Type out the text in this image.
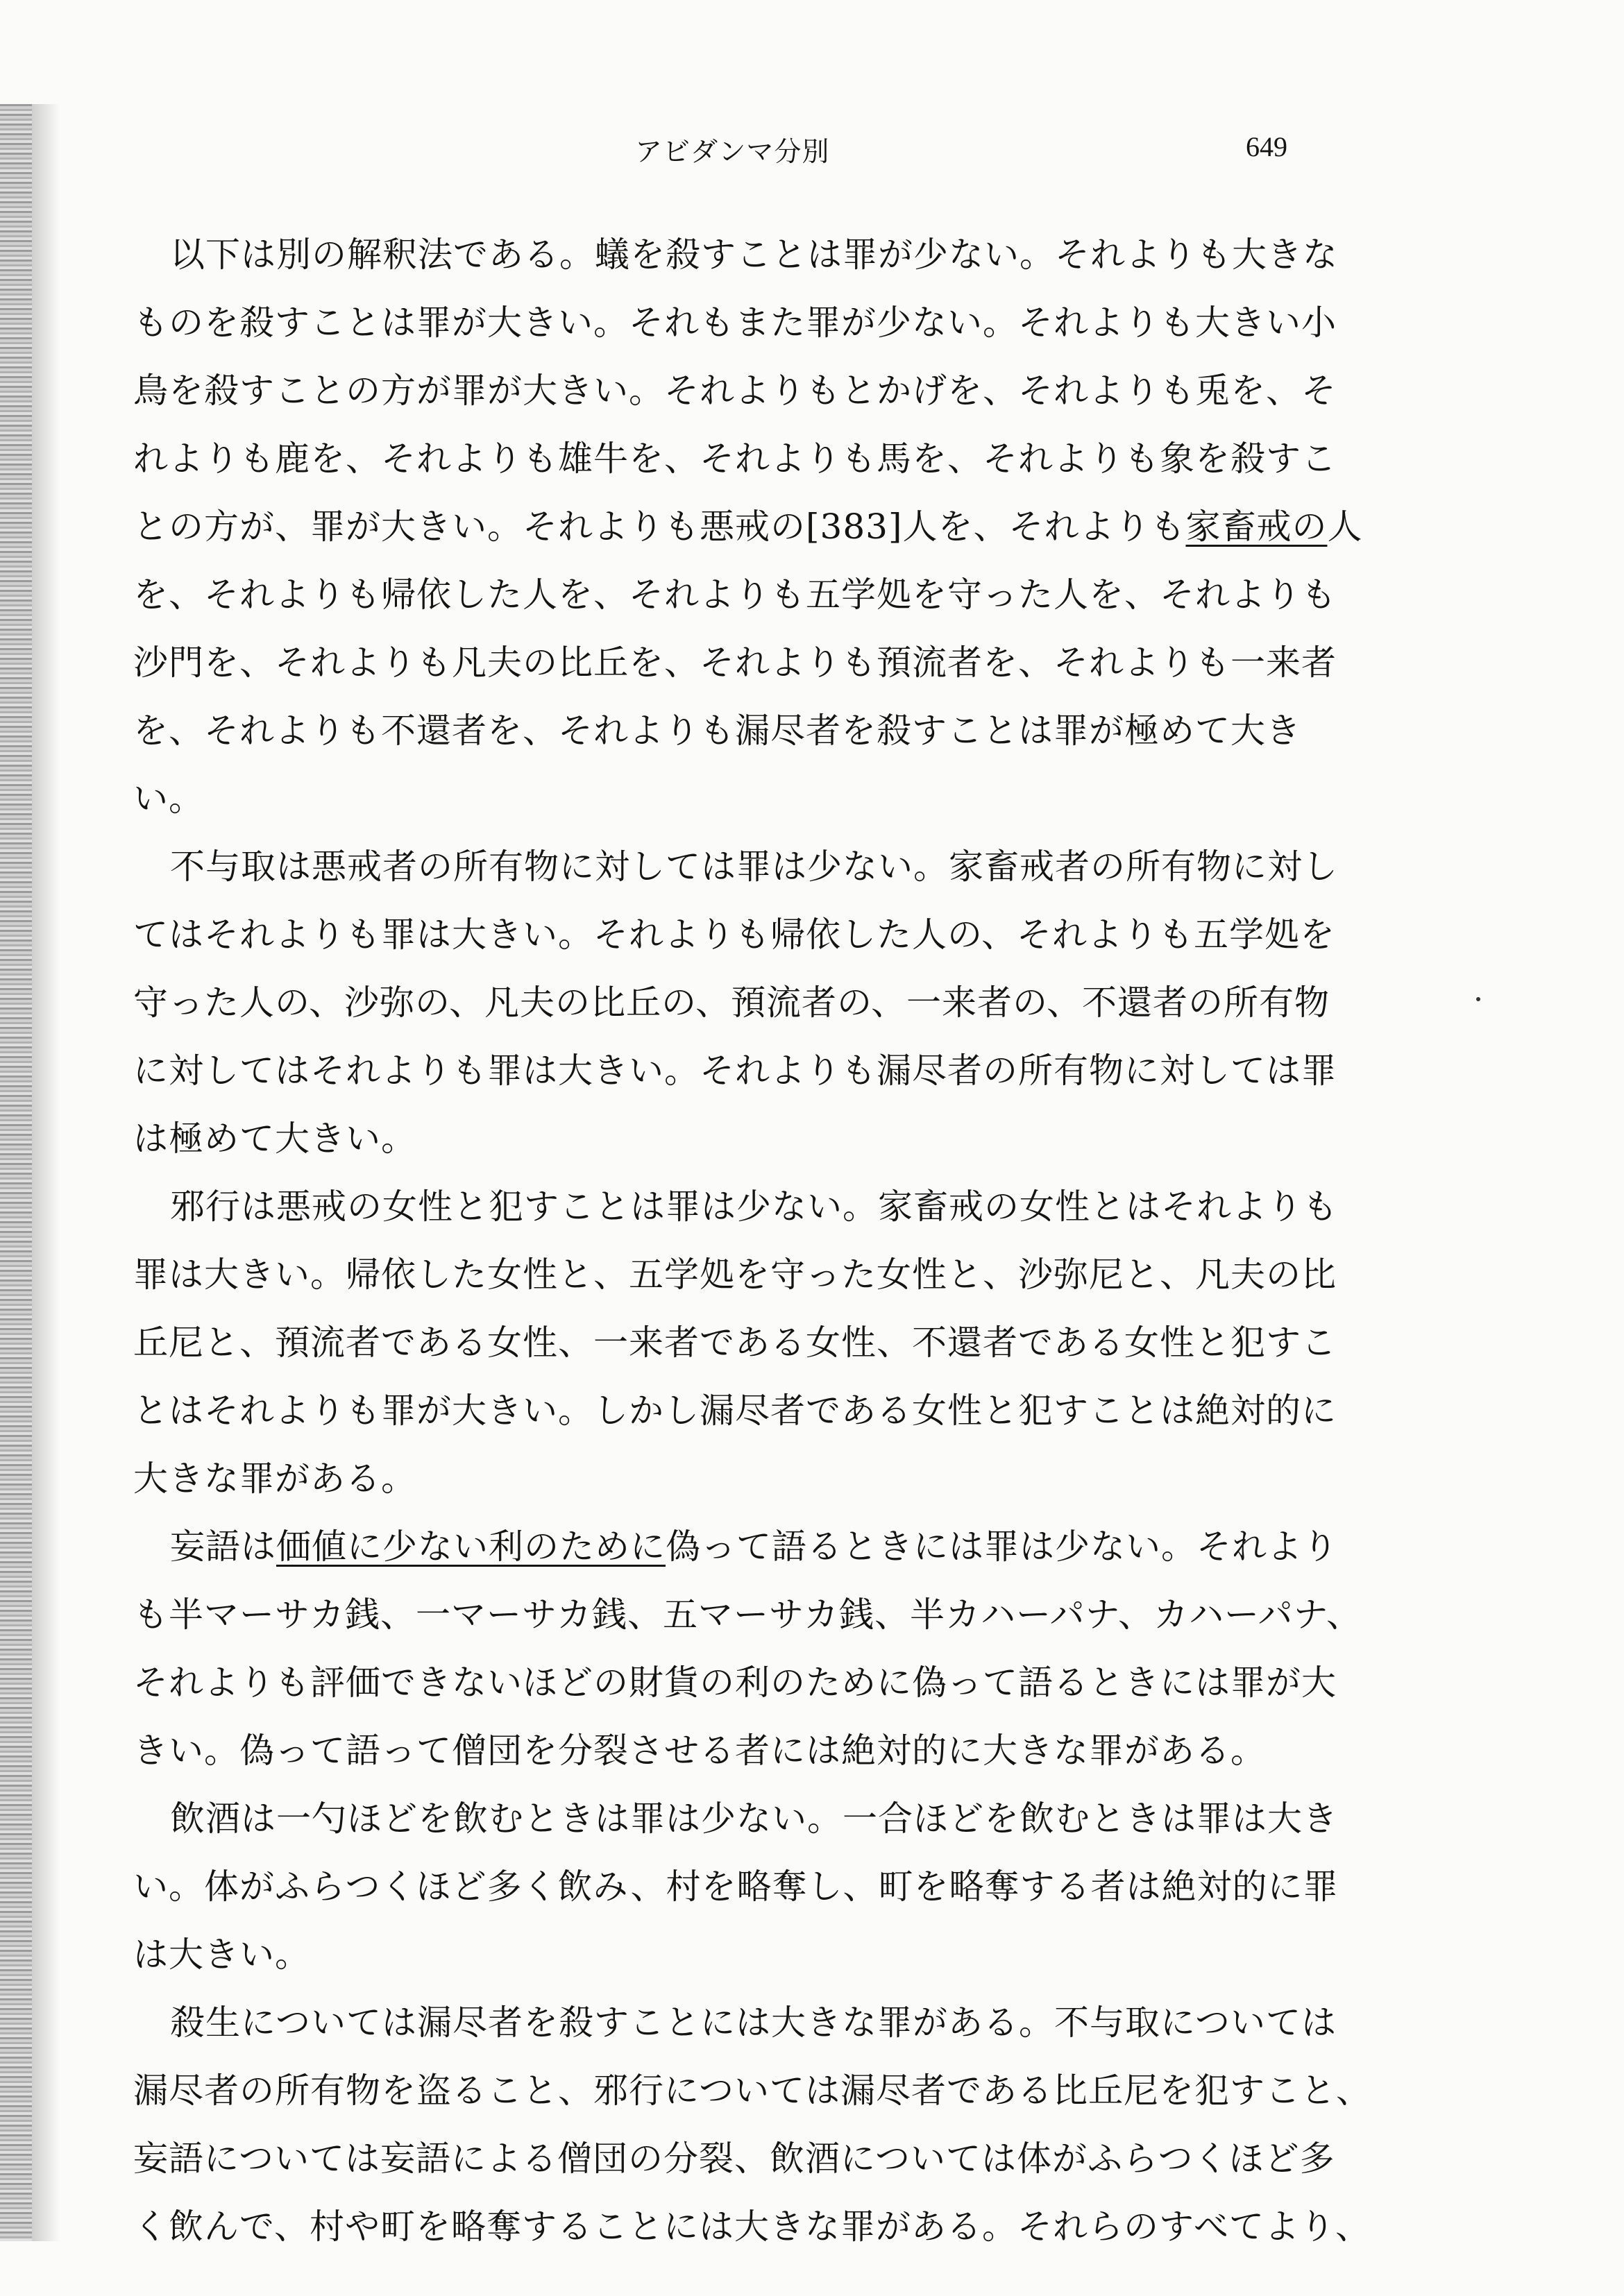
アビダンマ分別	649
以下は別の解釈法である。蟻を殺すことは罪が少ない。それよりも大きな
ものを殺すことは罪が大きい。それもまた罪が少ない。それよりも大きい小
鳥を殺すことの方が罪が大きい。それよりもとかげを、それよりも兎を、そ
れよりも鹿を、それよりも雄牛を、それよりも馬を、それよりも象を殺すこ
との方が、罪が大きい。それよりも悪戒の[383]人を、それよりも家畜戒の人
を、それよりも帰依した人を、それよりも五学処を守った人を、それよりも
沙門を、それよりも凡夫の比丘を、それよりも預流者を、それよりも一来者
を、それよりも不還者を、それよりも漏尽者を殺すことは罪が極めて大き
い。
不与取は悪戒者の所有物に対しては罪は少ない。家畜戒者の所有物に対し
てはそれよりも罪は大きい。それよりも帰依した人の、それよりも五学処を
守った人の、沙弥の、凡夫の比丘の、預流者の、一来者の、不還者の所有物
に対してはそれよりも罪は大きい。それよりも漏尽者の所有物に対しては罪
は極めて大きい。
邪行は悪戒の女性と犯すことは罪は少ない。家畜戒の女性とはそれよりも
罪は大きい。帰依した女性と、五学処を守った女性と、沙弥尼と、凡夫の比
丘尼と、預流者である女性、一来者である女性、不還者である女性と犯すこ
とはそれよりも罪が大きい。しかし漏尽者である女性と犯すことは絶対的に
大きな罪がある。
妄語は価値に少ない利のために偽って語るときには罪は少ない。それより
も半マーサカ銭、一マーサカ銭、五マーサカ銭、半カハーパナ、カハーパナ、
それよりも評価できないほどの財貨の利のために偽って語るときには罪が大
きい。偽って語って僧団を分裂させる者には絶対的に大きな罪がある。
飲酒は一勺ほどを飲むときは罪は少ない。一合ほどを飲むときは罪は大き
い。体がふらつくほど多く飲み、村を略奪し、町を略奪する者は絶対的に罪
は大きい。
殺生については漏尽者を殺すことには大きな罪がある。不与取については
漏尽者の所有物を盗ること、邪行については漏尽者である比丘尼を犯すこと、
妄語については妄語による僧団の分裂、飲酒については体がふらつくほど多
く飲んで、村や町を略奪することには大きな罪がある。それらのすべてより、
